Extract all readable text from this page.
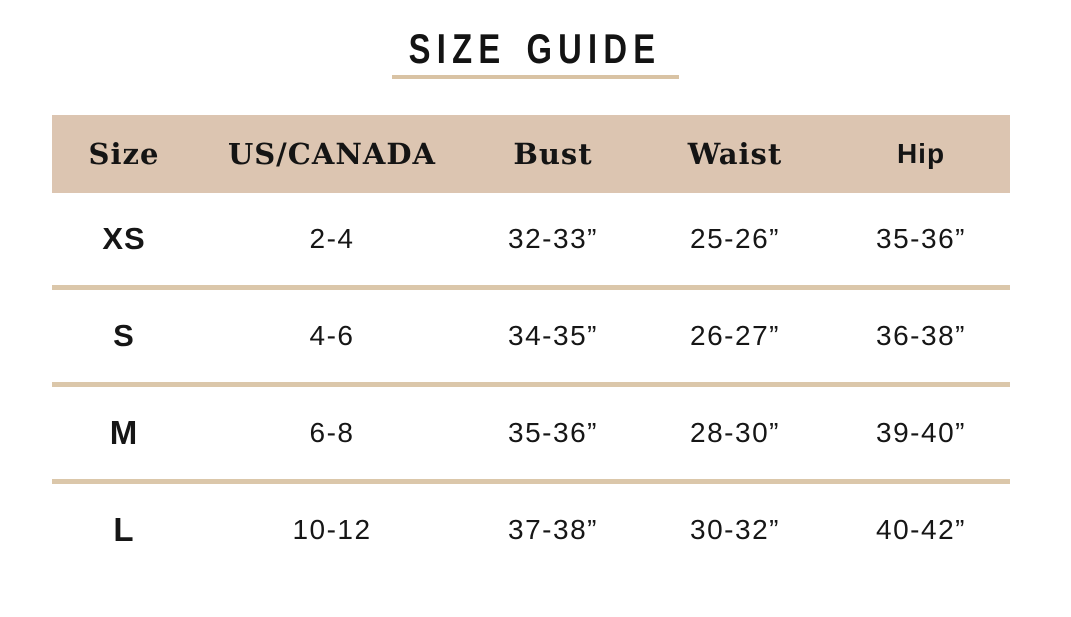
SIZE GUIDE
Size	US/CANADA	Bust	Waist	Hip
XS	2-4	32-33”	25-26”	35-36”
S	4-6	34-35”	26-27”	36-38”
M	6-8	35-36”	28-30”	39-40”
L	10-12	37-38”	30-32”	40-42”
